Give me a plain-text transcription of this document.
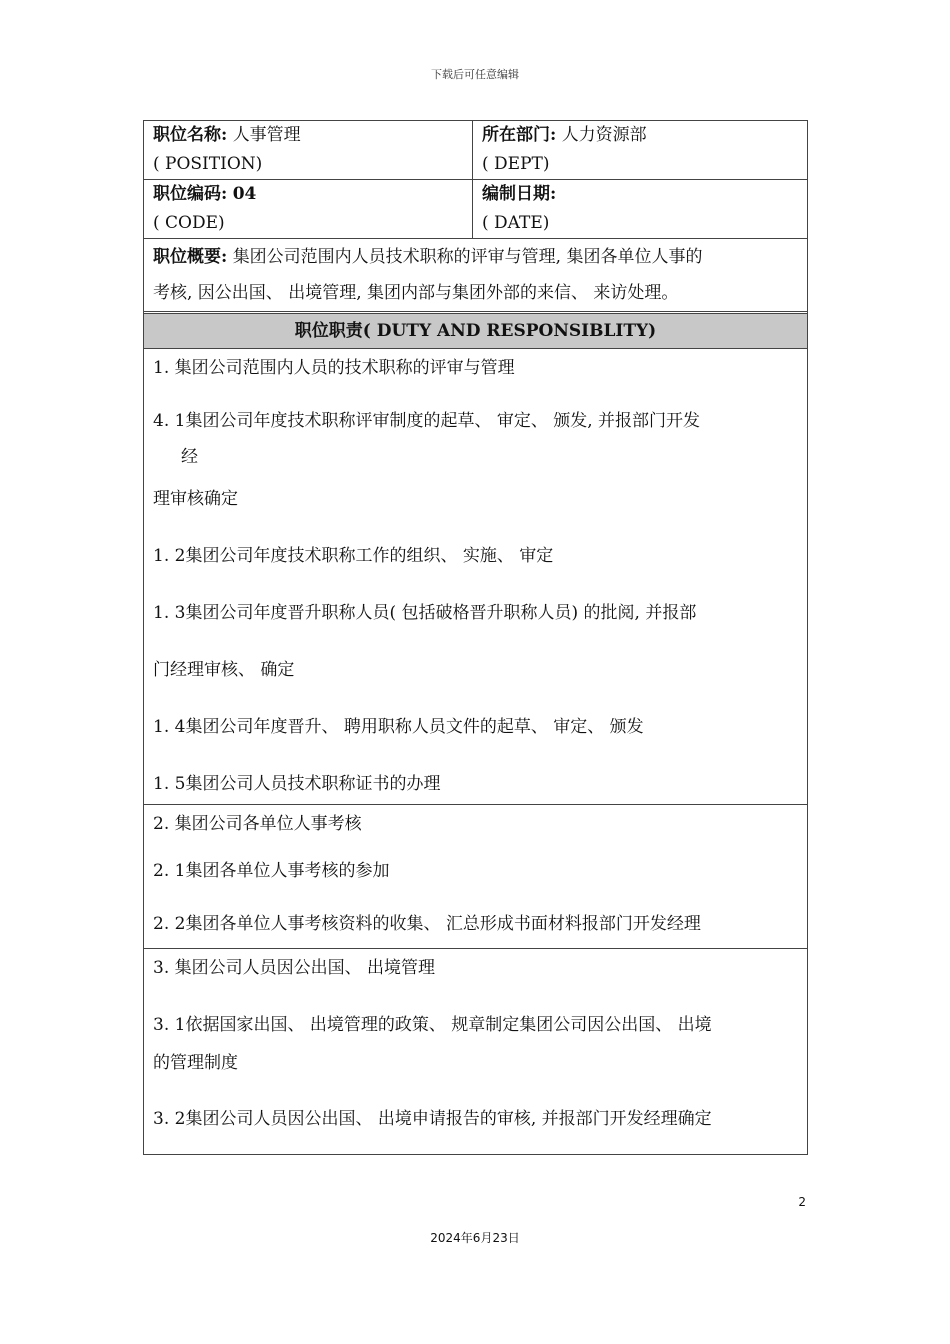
下载后可任意编辑
职位名称: 人事管理
( POSITION)
所在部门: 人力资源部
( DEPT)
职位编码: 04
( CODE)
编制日期:
( DATE)
职位概要: 集团公司范围内人员技术职称的评审与管理, 集团各单位人事的
考核, 因公出国、 出境管理, 集团内部与集团外部的来信、 来访处理。
职位职责( DUTY AND RESPONSIBLITY)

1. 集团公司范围内人员的技术职称的评审与管理

4. 1集团公司年度技术职称评审制度的起草、 审定、 颁发, 并报部门开发

经

理审核确定

1. 2集团公司年度技术职称工作的组织、 实施、 审定

1. 3集团公司年度晋升职称人员( 包括破格晋升职称人员) 的批阅, 并报部

门经理审核、 确定

1. 4集团公司年度晋升、 聘用职称人员文件的起草、 审定、 颁发

1. 5集团公司人员技术职称证书的办理

2. 集团公司各单位人事考核

2. 1集团各单位人事考核的参加

2. 2集团各单位人事考核资料的收集、 汇总形成书面材料报部门开发经理

3. 集团公司人员因公出国、 出境管理

3. 1依据国家出国、 出境管理的政策、 规章制定集团公司因公出国、 出境

的管理制度

3. 2集团公司人员因公出国、 出境申请报告的审核, 并报部门开发经理确定

2
2024年6月23日
